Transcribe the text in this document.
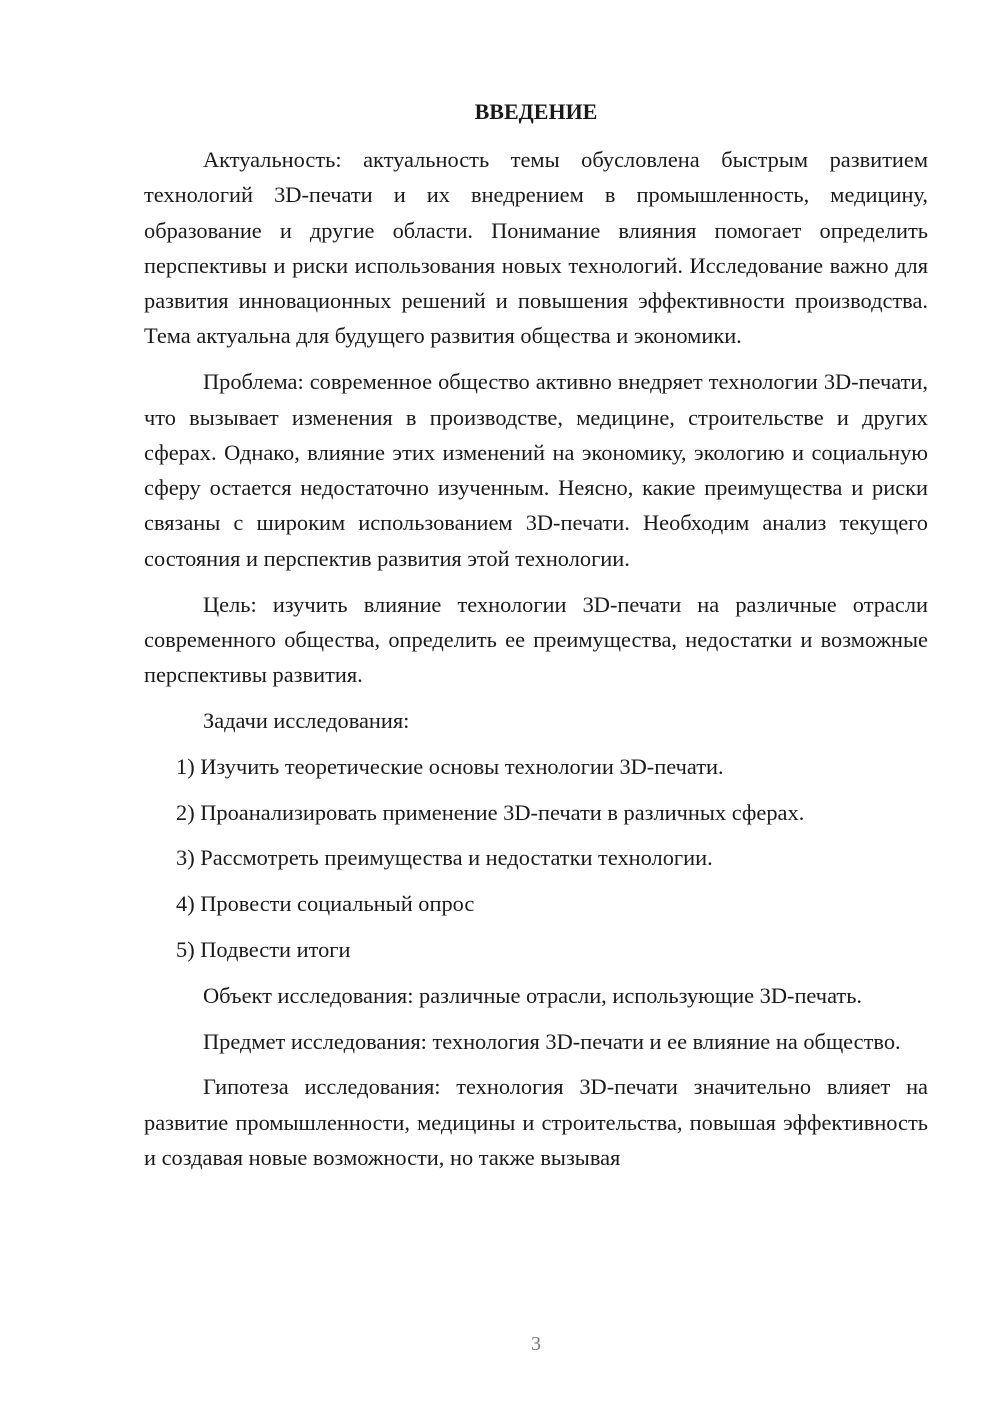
ВВЕДЕНИЕ

Актуальность: актуальность темы обусловлена быстрым развитием технологий 3D-печати и их внедрением в промышленность, медицину, образование и другие области. Понимание влияния помогает определить перспективы и риски использования новых технологий. Исследование важно для развития инновационных решений и повышения эффективности производства. Тема актуальна для будущего развития общества и экономики.

Проблема: современное общество активно внедряет технологии 3D-печати, что вызывает изменения в производстве, медицине, строительстве и других сферах. Однако, влияние этих изменений на экономику, экологию и социальную сферу остается недостаточно изученным. Неясно, какие преимущества и риски связаны с широким использованием 3D-печати. Необходим анализ текущего состояния и перспектив развития этой технологии.

Цель: изучить влияние технологии 3D-печати на различные отрасли современного общества, определить ее преимущества, недостатки и возможные перспективы развития.

Задачи исследования:

1) Изучить теоретические основы технологии 3D-печати.

2) Проанализировать применение 3D-печати в различных сферах.

3) Рассмотреть преимущества и недостатки технологии.

4) Провести социальный опрос

5) Подвести итоги

Объект исследования: различные отрасли, использующие 3D-печать.

Предмет исследования: технология 3D-печати и ее влияние на общество.

Гипотеза исследования: технология 3D-печати значительно влияет на развитие промышленности, медицины и строительства, повышая эффективность и создавая новые возможности, но также вызывая

3
